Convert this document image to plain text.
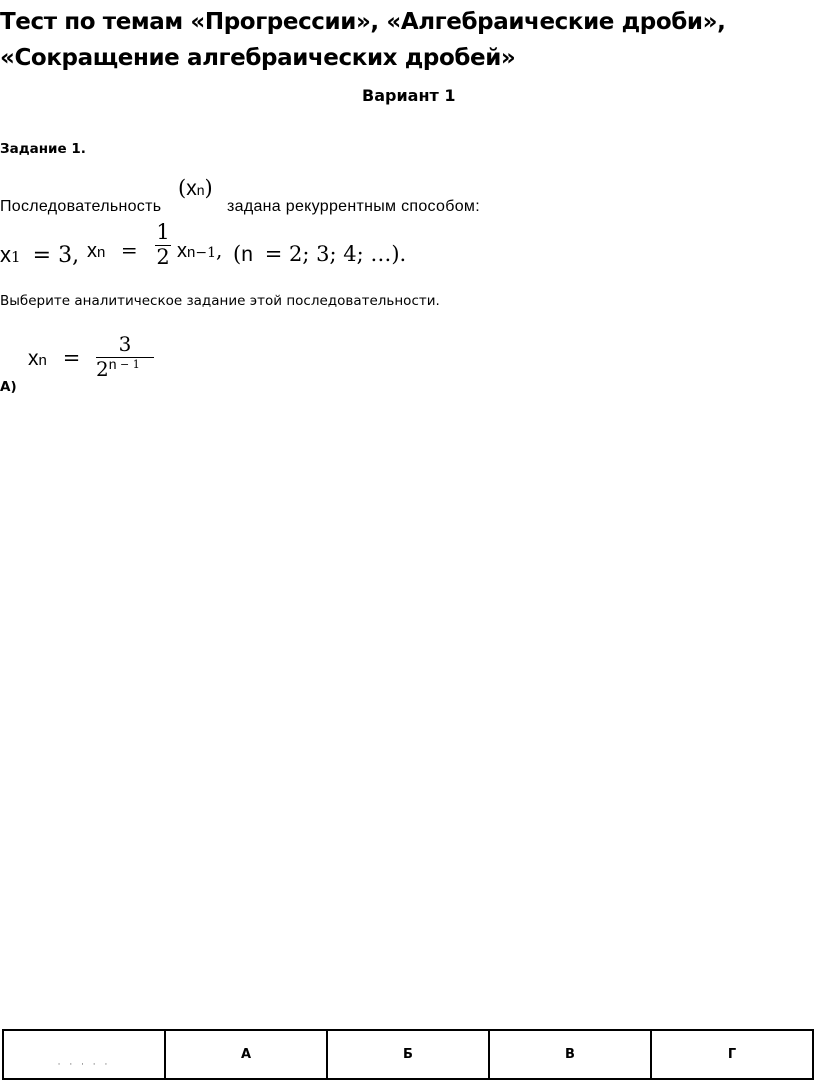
Тест по темам «Прогрессии», «Алгебраические дроби»,
«Сокращение алгебраических дробей»
Вариант 1
Задание 1.
Последовательность
(xn)
задана рекуррентным способом:
x1 = 3, xn =
1
2 xn−1, (n = 2; 3; 4; …).
Выберите аналитическое задание этой последовательности.
xn =
3
2$^n$ $^{- 1}$
А)
· · · · ·	А	Б	В	Г
